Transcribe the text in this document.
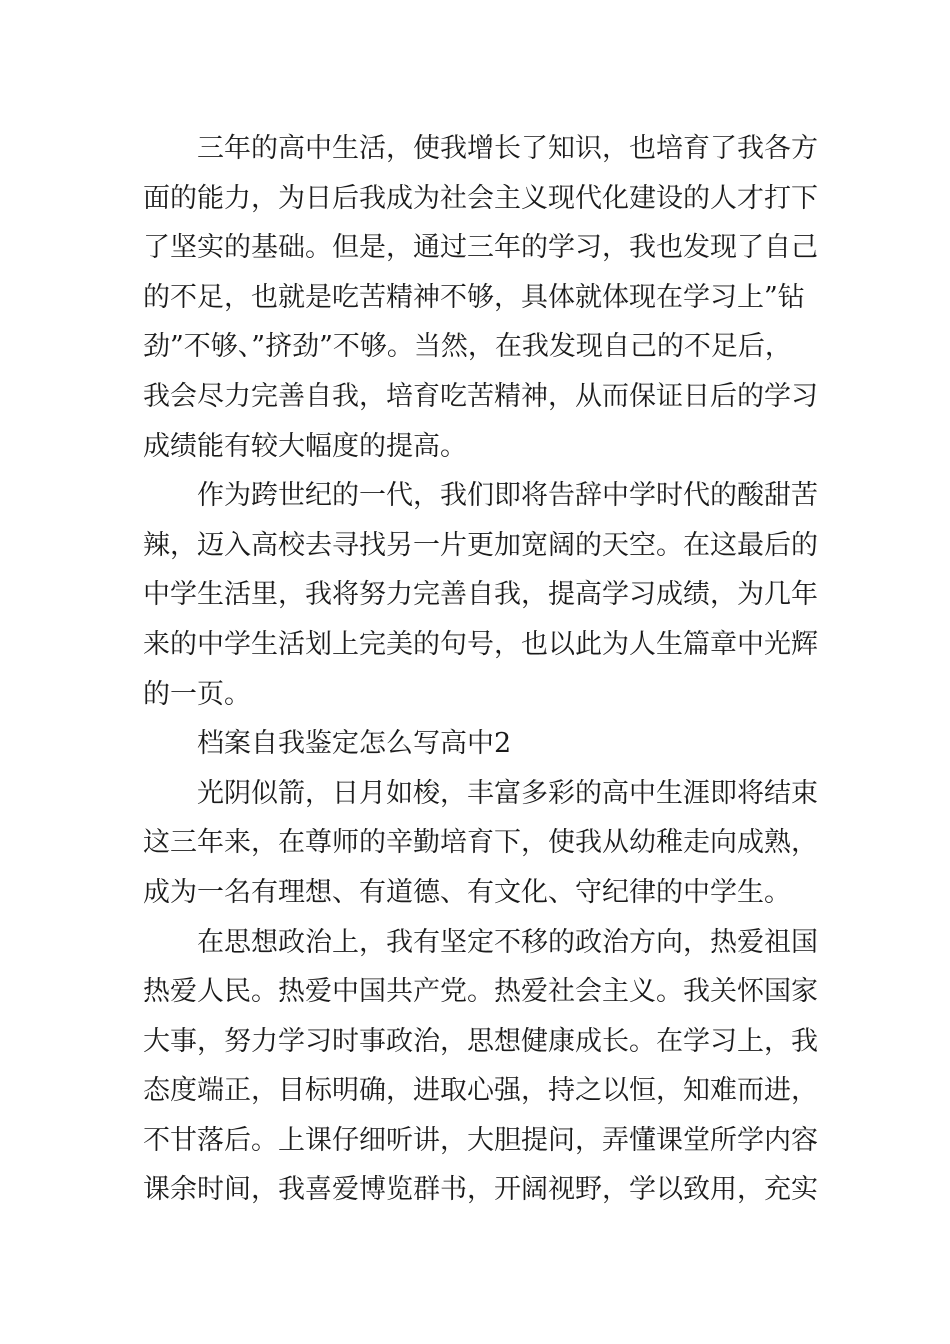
三年的高中生活，使我增长了知识，也培育了我各方
面的能力，为日后我成为社会主义现代化建设的人才打下
了坚实的基础。但是，通过三年的学习，我也发现了自己
的不足，也就是吃苦精神不够，具体就体现在学习上”钻
劲”不够、”挤劲”不够。当然，在我发现自己的不足后，
我会尽力完善自我，培育吃苦精神，从而保证日后的学习
成绩能有较大幅度的提高。
作为跨世纪的一代，我们即将告辞中学时代的酸甜苦
辣，迈入高校去寻找另一片更加宽阔的天空。在这最后的
中学生活里，我将努力完善自我，提高学习成绩，为几年
来的中学生活划上完美的句号，也以此为人生篇章中光辉
的一页。
档案自我鉴定怎么写高中2
光阴似箭，日月如梭，丰富多彩的高中生涯即将结束
这三年来，在尊师的辛勤培育下，使我从幼稚走向成熟，
成为一名有理想、有道德、有文化、守纪律的中学生。
在思想政治上，我有坚定不移的政治方向，热爱祖国
热爱人民。热爱中国共产党。热爱社会主义。我关怀国家
大事，努力学习时事政治，思想健康成长。在学习上，我
态度端正，目标明确，进取心强，持之以恒，知难而进，
不甘落后。上课仔细听讲，大胆提问，弄懂课堂所学内容
课余时间，我喜爱博览群书，开阔视野，学以致用，充实
